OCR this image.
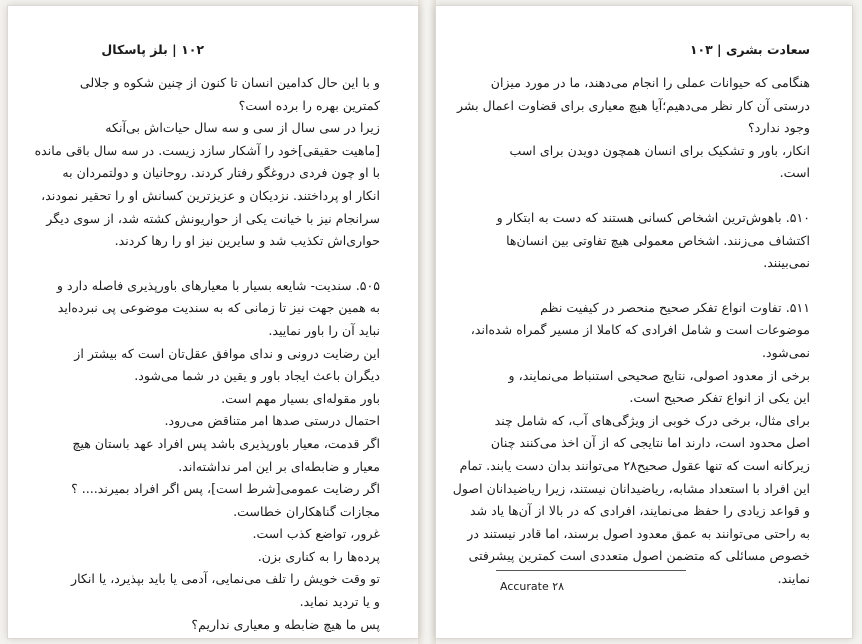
۱۰۲ | بلز پاسکال
و با این حال کدامین انسان تا کنون از چنین شکوه و جلالی
کمترین بهره را برده است؟
زیرا در سی سال از سی و سه سال حیات‌اش بی‌آنکه
[ماهیت حقیقی]خود را آشکار سازد زیست. در سه سال باقی مانده
با او چون فردی دروغگو رفتار کردند. روحانیان و دولتمردان به
انکار او پرداختند. نزدیکان و عزیزترین کسانش او را تحقیر نمودند،
سرانجام نیز با خیانت یکی از حواریونش کشته شد، از سوی دیگر
حواری‌اش تکذیب شد و سایرین نیز او را رها کردند.
۵۰۵. سندیت- شایعه بسیار با معیارهای باورپذیری فاصله دارد و
به همین جهت نیز تا زمانی که به سندیت موضوعی پی نبرده‌اید
نباید آن را باور نمایید.
این رضایت درونی و ندای موافق عقل‌تان است که بیشتر از
دیگران باعث ایجاد باور و یقین در شما می‌شود.
باور مقوله‌ای بسیار مهم است.
احتمال درستی صدها امر متناقض می‌رود.
اگر قدمت، معیار باورپذیری باشد پس افراد عهد باستان هیچ
معیار و ضابطه‌ای بر این امر نداشته‌اند.
اگر رضایت عمومی[شرط است]، پس اگر افراد بمیرند.... ؟
مجازات گناهکاران خطاست.
غرور، تواضع کذب است.
پرده‌ها را به کناری بزن.
تو وقت خویش را تلف می‌نمایی، آدمی یا باید بپذیرد، یا انکار
و یا تردید نماید.
پس ما هیچ ضابطه و معیاری نداریم؟
سعادت بشری | ۱۰۳
هنگامی که حیوانات عملی را انجام می‌دهند، ما در مورد میزان
درستی آن کار نظر می‌دهیم؛آیا هیچ معیاری برای قضاوت اعمال بشر
وجود ندارد؟
انکار، باور و تشکیک برای انسان همچون دویدن برای اسب
است.
۵۱۰. باهوش‌ترین اشخاص کسانی هستند که دست به ابتکار و
اکتشاف می‌زنند. اشخاص معمولی هیچ تفاوتی بین انسان‌ها
نمی‌بینند.
۵۱۱. تفاوت انواع تفکر صحیح منحصر در کیفیت نظم
موضوعات است و شامل افرادی که کاملا از مسیر گمراه شده‌اند،
نمی‌شود.
برخی از معدود اصولی، نتایج صحیحی استنباط می‌نمایند، و
این یکی از انواع تفکر صحیح است.
برای مثال، برخی درک خوبی از ویژگی‌های آب، که شامل چند
اصل محدود است، دارند اما نتایجی که از آن اخذ می‌کنند چنان
زیرکانه است که تنها عقول صحیح۲۸ می‌توانند بدان دست یابند. تمام
این افراد با استعداد مشابه، ریاضیدانان نیستند، زیرا ریاضیدانان اصول
و قواعد زیادی را حفظ می‌نمایند، افرادی که در بالا از آن‌ها یاد شد
به راحتی می‌توانند به عمق معدود اصول برسند، اما قادر نیستند در
خصوص مسائلی که متضمن اصول متعددی است کمترین پیشرفتی
نمایند.
Accurate ۲۸
